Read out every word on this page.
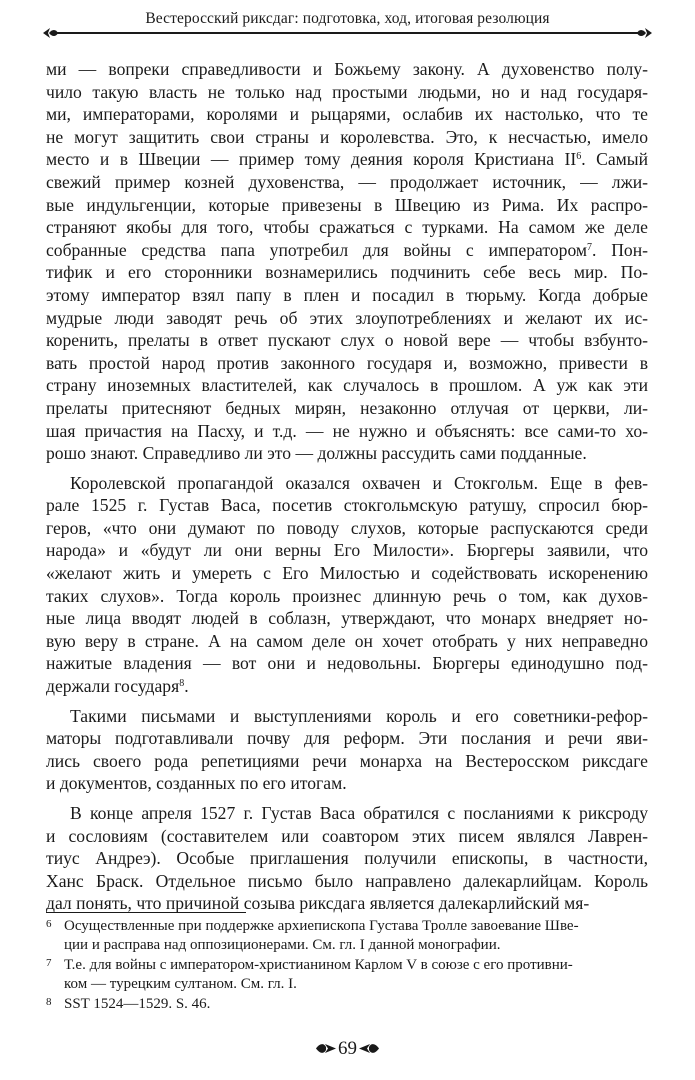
Вестеросский риксдаг: подготовка, ход, итоговая резолюция
ми — вопреки справедливости и Божьему закону. А духовенство полу-
чило такую власть не только над простыми людьми, но и над государя-
ми, императорами, королями и рыцарями, ослабив их настолько, что те
не могут защитить свои страны и королевства. Это, к несчастью, имело
место и в Швеции — пример тому деяния короля Кристиана $II^6$. Самый
свежий пример козней духовенства, — продолжает источник, — лжи-
вые индульгенции, которые привезены в Швецию из Рима. Их распро-
страняют якобы для того, чтобы сражаться с турками. На самом же деле
собранные средства папа употребил для войны с императором$^7$. Пон-
тифик и его сторонники вознамерились подчинить себе весь мир. По-
этому император взял папу в плен и посадил в тюрьму. Когда добрые
мудрые люди заводят речь об этих злоупотреблениях и желают их ис-
коренить, прелаты в ответ пускают слух о новой вере — чтобы взбунто-
вать простой народ против законного государя и, возможно, привести в
страну иноземных властителей, как случалось в прошлом. А уж как эти
прелаты притесняют бедных мирян, незаконно отлучая от церкви, ли-
шая причастия на Пасху, и т.д. — не нужно и объяснять: все сами-то хо-
рошо знают. Справедливо ли это — должны рассудить сами подданные.
Королевской пропагандой оказался охвачен и Стокгольм. Еще в фев-
рале 1525 г. Густав Васа, посетив стокгольмскую ратушу, спросил бюр-
геров, «что они думают по поводу слухов, которые распускаются среди
народа» и «будут ли они верны Его Милости». Бюргеры заявили, что
«желают жить и умереть с Его Милостью и содействовать искоренению
таких слухов». Тогда король произнес длинную речь о том, как духов-
ные лица вводят людей в соблазн, утверждают, что монарх внедряет но-
вую веру в стране. А на самом деле он хочет отобрать у них неправедно
нажитые владения — вот они и недовольны. Бюргеры единодушно под-
держали государя$^8$.
Такими письмами и выступлениями король и его советники-рефор-
маторы подготавливали почву для реформ. Эти послания и речи яви-
лись своего рода репетициями речи монарха на Вестеросском риксдаге
и документов, созданных по его итогам.
В конце апреля 1527 г. Густав Васа обратился с посланиями к риксроду
и сословиям (составителем или соавтором этих писем являлся Лаврен-
тиус Андреэ). Особые приглашения получили епископы, в частности,
Ханс Браск. Отдельное письмо было направлено далекарлийцам. Король
дал понять, что причиной созыва риксдага является далекарлийский мя-
6 Осуществленные при поддержке архиепископа Густава Тролле завоевание Шве-
ции и расправа над оппозиционерами. См. гл. I данной монографии.
7 Т.е. для войны с императором-христианином Карлом V в союзе с его противни-
ком — турецким султаном. См. гл. I.
8 SST 1524—1529. S. 46.
69
